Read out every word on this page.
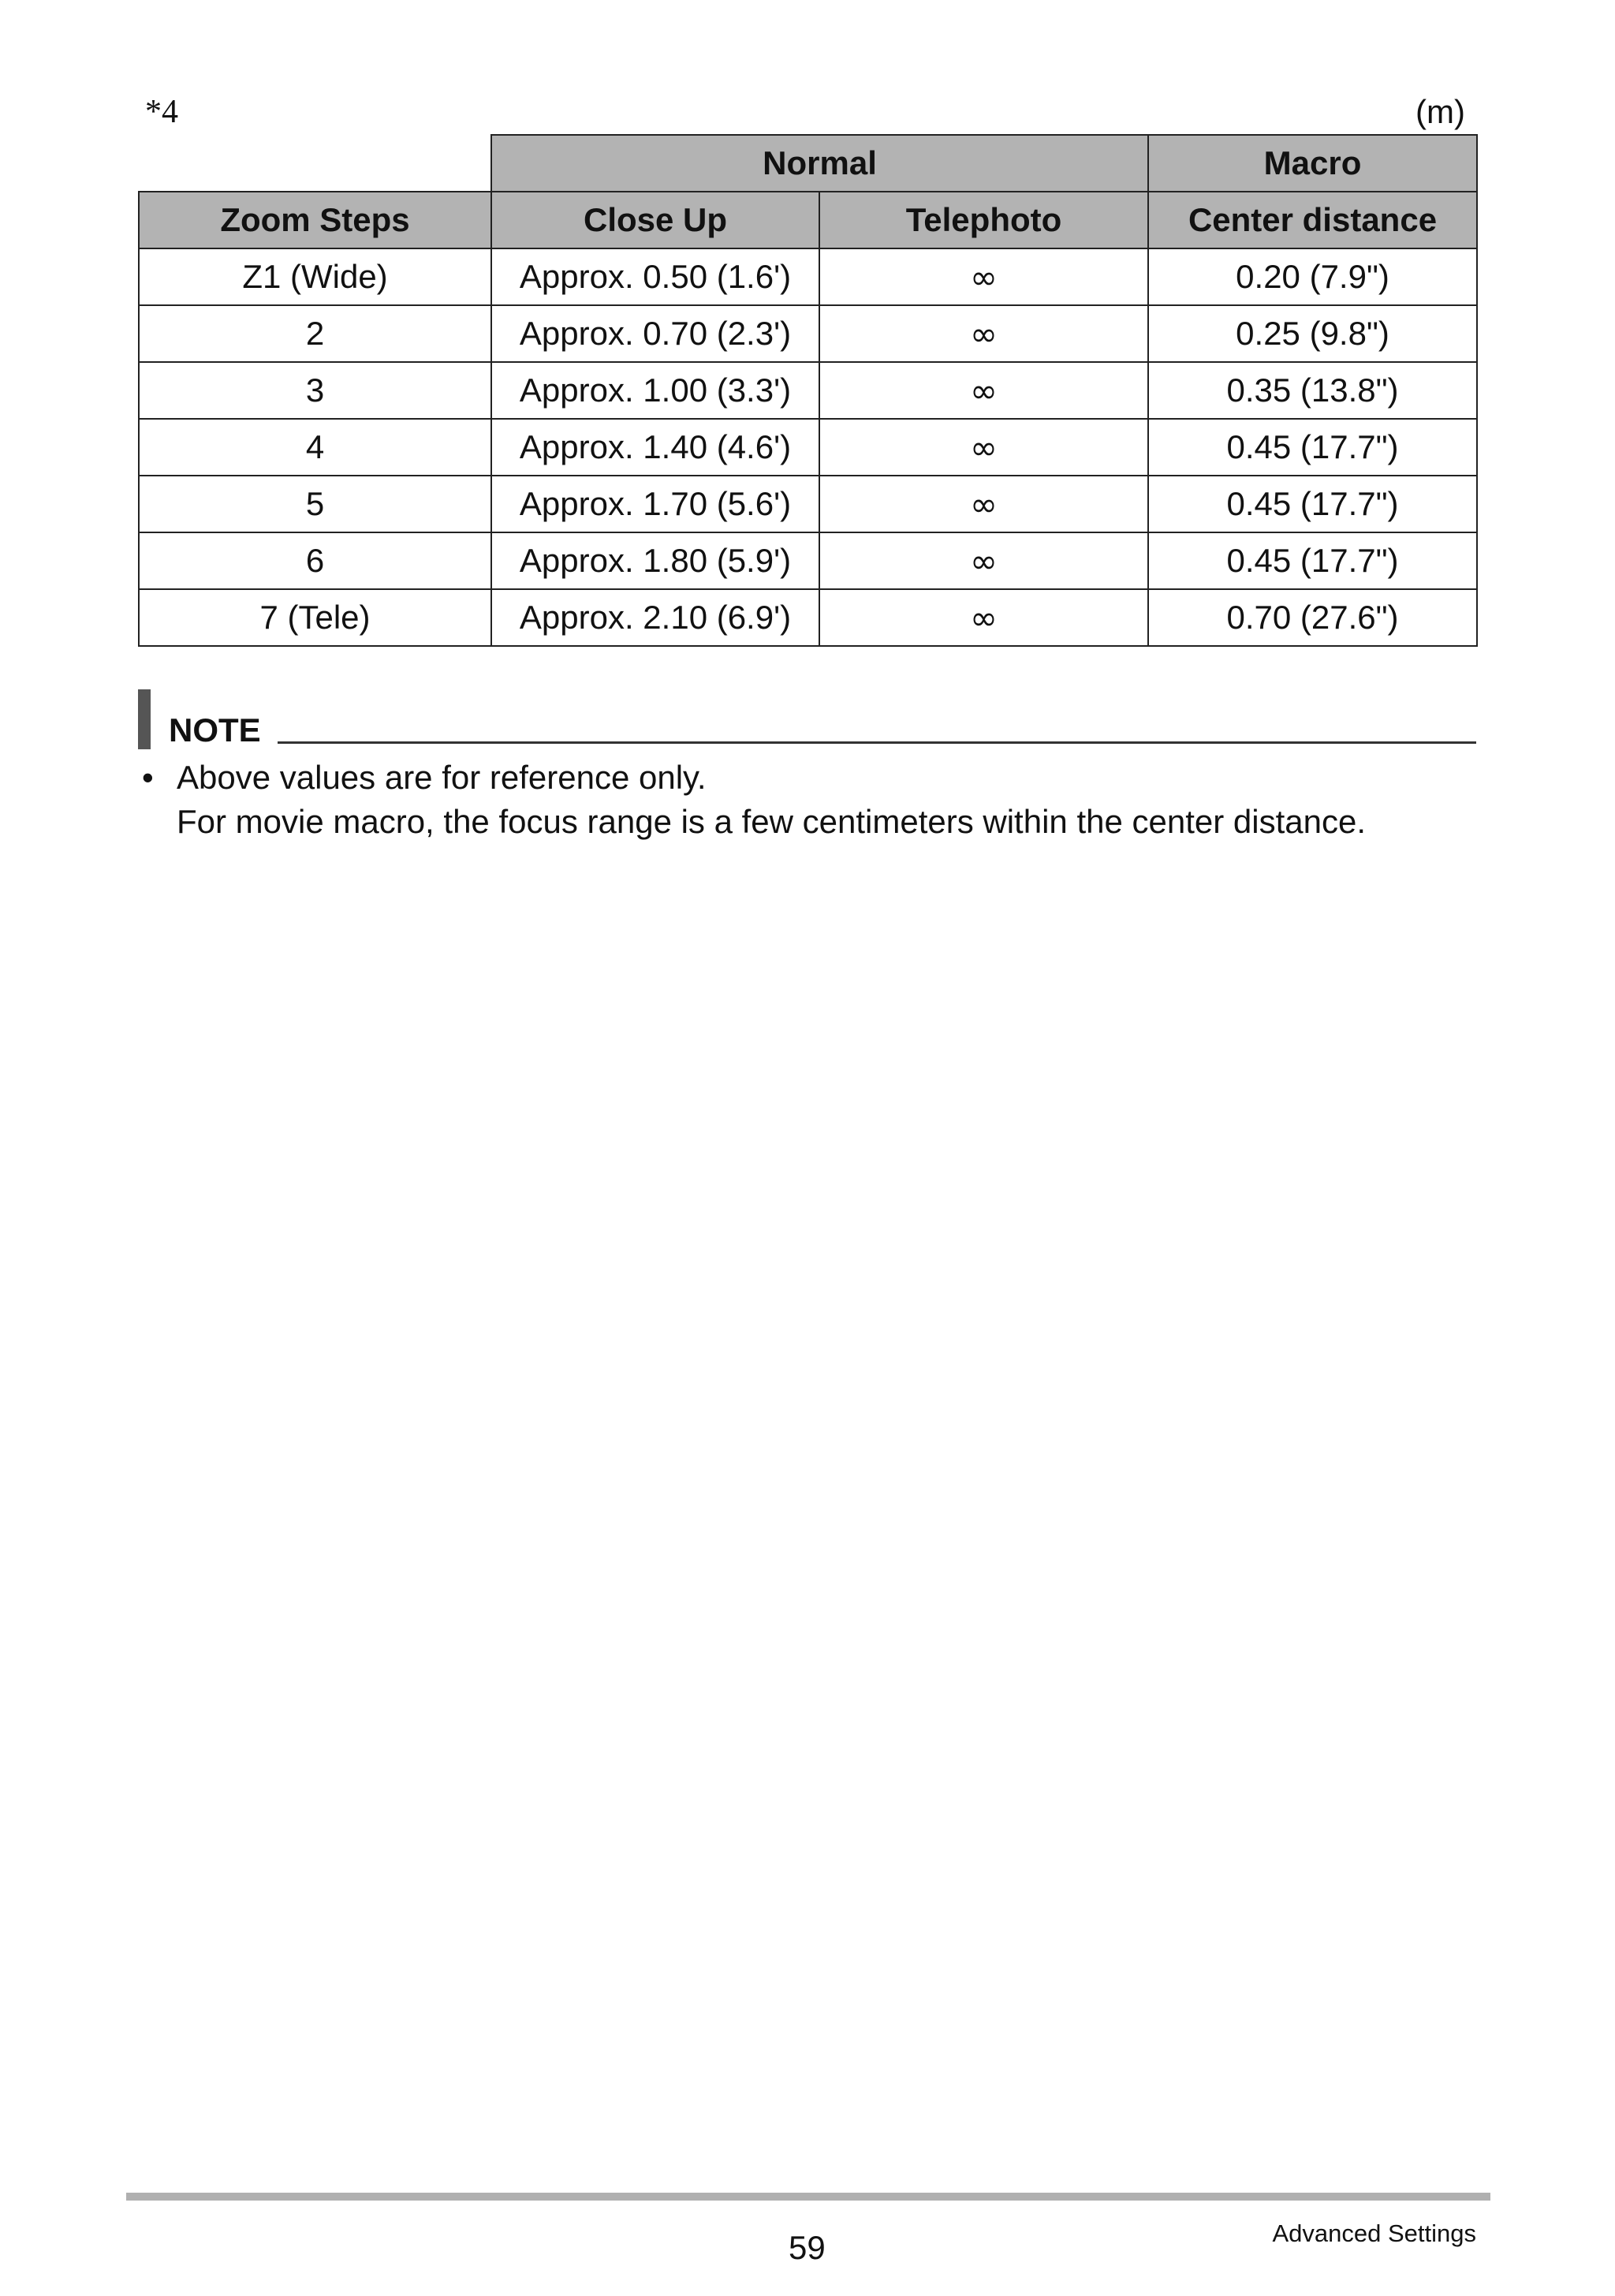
*4	(m)
	Normal		Macro
Zoom Steps	Close Up	Telephoto	Center distance
Z1 (Wide)	Approx. 0.50 (1.6')	∞	0.20 (7.9")
2	Approx. 0.70 (2.3')	∞	0.25 (9.8")
3	Approx. 1.00 (3.3')	∞	0.35 (13.8")
4	Approx. 1.40 (4.6')	∞	0.45 (17.7")
5	Approx. 1.70 (5.6')	∞	0.45 (17.7")
6	Approx. 1.80 (5.9')	∞	0.45 (17.7")
7 (Tele)	Approx. 2.10 (6.9')	∞	0.70 (27.6")
NOTE
• Above values are for reference only.
For movie macro, the focus range is a few centimeters within the center distance.
59	Advanced Settings
